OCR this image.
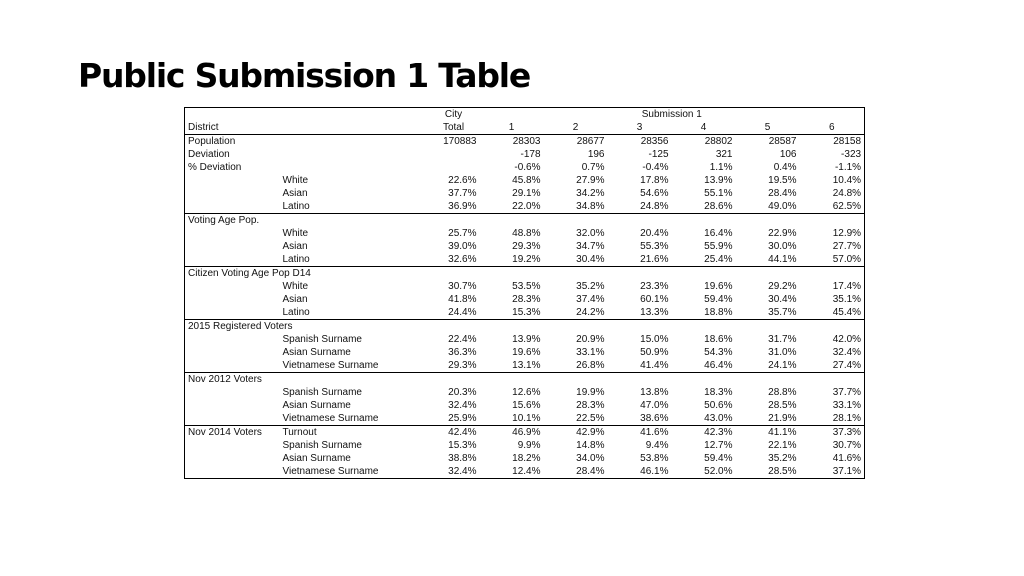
Public Submission 1 Table
		City	Submission 1					
District		Total	1	2	3	4	5	6
Population		170883	28303	28677	28356	28802	28587	28158
Deviation			-178	196	-125	321	106	-323
% Deviation			-0.6%	0.7%	-0.4%	1.1%	0.4%	-1.1%
	White	22.6%	45.8%	27.9%	17.8%	13.9%	19.5%	10.4%
	Asian	37.7%	29.1%	34.2%	54.6%	55.1%	28.4%	24.8%
	Latino	36.9%	22.0%	34.8%	24.8%	28.6%	49.0%	62.5%
Voting Age Pop.								
	White	25.7%	48.8%	32.0%	20.4%	16.4%	22.9%	12.9%
	Asian	39.0%	29.3%	34.7%	55.3%	55.9%	30.0%	27.7%
	Latino	32.6%	19.2%	30.4%	21.6%	25.4%	44.1%	57.0%
Citizen Voting Age Pop D14								
	White	30.7%	53.5%	35.2%	23.3%	19.6%	29.2%	17.4%
	Asian	41.8%	28.3%	37.4%	60.1%	59.4%	30.4%	35.1%
	Latino	24.4%	15.3%	24.2%	13.3%	18.8%	35.7%	45.4%
2015 Registered Voters								
	Spanish Surname	22.4%	13.9%	20.9%	15.0%	18.6%	31.7%	42.0%
	Asian Surname	36.3%	19.6%	33.1%	50.9%	54.3%	31.0%	32.4%
	Vietnamese Surname	29.3%	13.1%	26.8%	41.4%	46.4%	24.1%	27.4%
Nov 2012 Voters								
	Spanish Surname	20.3%	12.6%	19.9%	13.8%	18.3%	28.8%	37.7%
	Asian Surname	32.4%	15.6%	28.3%	47.0%	50.6%	28.5%	33.1%
	Vietnamese Surname	25.9%	10.1%	22.5%	38.6%	43.0%	21.9%	28.1%
Nov 2014 Voters	Turnout	42.4%	46.9%	42.9%	41.6%	42.3%	41.1%	37.3%
	Spanish Surname	15.3%	9.9%	14.8%	9.4%	12.7%	22.1%	30.7%
	Asian Surname	38.8%	18.2%	34.0%	53.8%	59.4%	35.2%	41.6%
	Vietnamese Surname	32.4%	12.4%	28.4%	46.1%	52.0%	28.5%	37.1%
